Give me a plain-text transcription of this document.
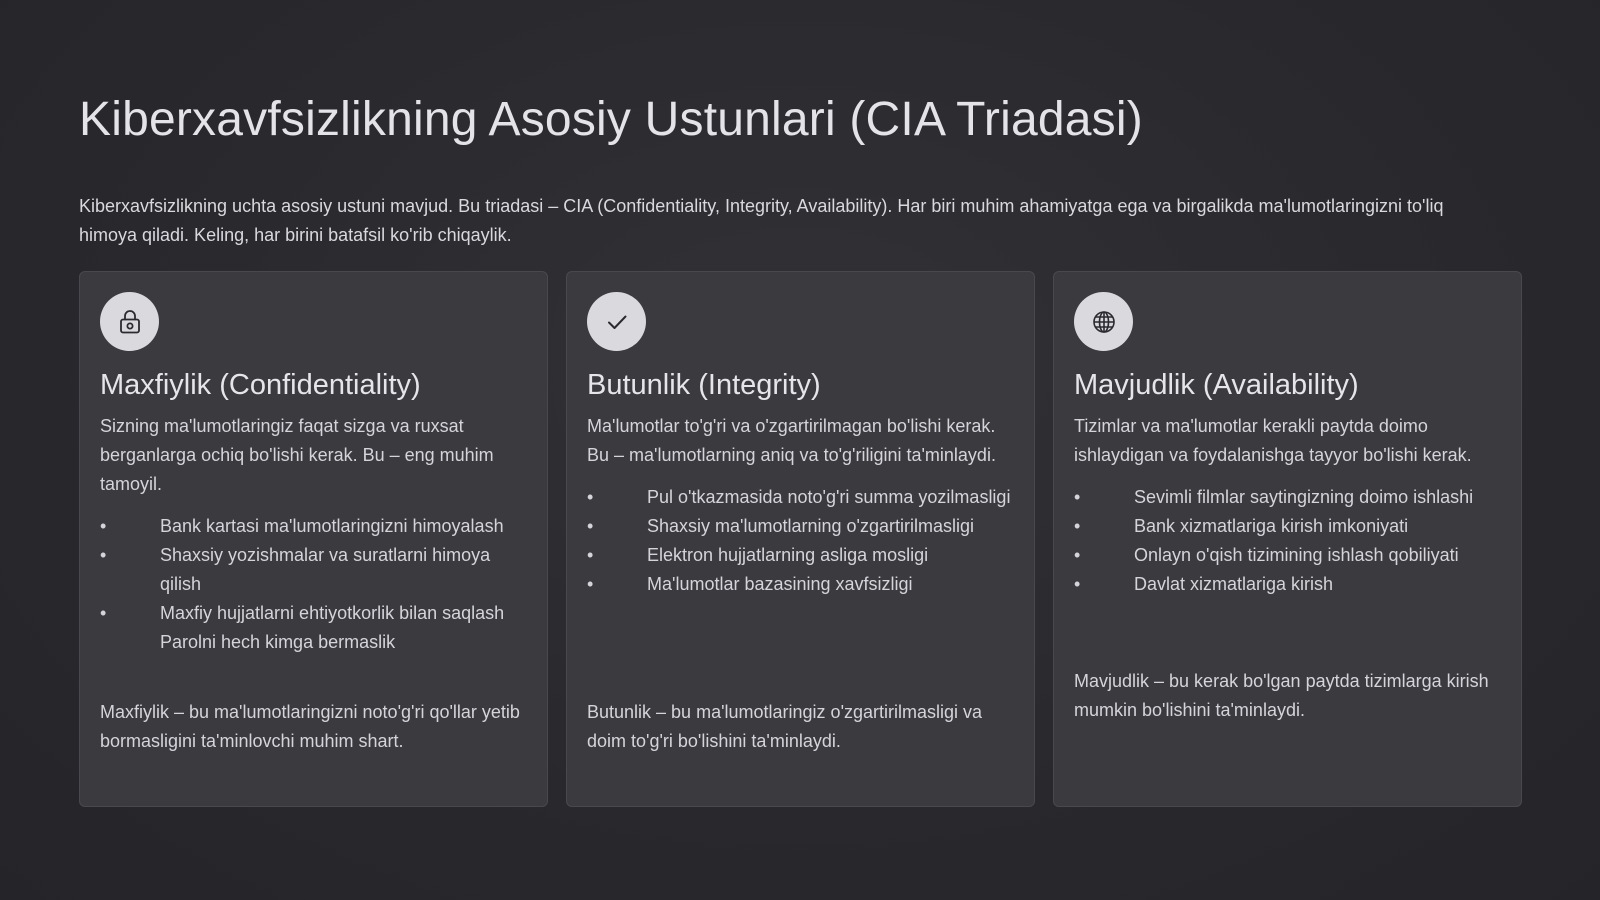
Kiberxavfsizlikning Asosiy Ustunlari (CIA Triadasi)

Kiberxavfsizlikning uchta asosiy ustuni mavjud. Bu triadasi – CIA (Confidentiality, Integrity, Availability). Har biri muhim ahamiyatga ega va birgalikda ma'lumotlaringizni to'liq himoya qiladi. Keling, har birini batafsil ko'rib chiqaylik.

Maxfiylik (Confidentiality)

Sizning ma'lumotlaringiz faqat sizga va ruxsat berganlarga ochiq bo'lishi kerak. Bu – eng muhim tamoyil.

•	Bank kartasi ma'lumotlaringizni himoyalash
•	Shaxsiy yozishmalar va suratlarni himoya qilish
•	Maxfiy hujjatlarni ehtiyotkorlik bilan saqlash
Parolni hech kimga bermaslik

Maxfiylik – bu ma'lumotlaringizni noto'g'ri qo'llar yetib bormasligini ta'minlovchi muhim shart.

Butunlik (Integrity)

Ma'lumotlar to'g'ri va o'zgartirilmagan bo'lishi kerak. Bu – ma'lumotlarning aniq va to'g'riligini ta'minlaydi.

•	Pul o'tkazmasida noto'g'ri summa yozilmasligi
•	Shaxsiy ma'lumotlarning o'zgartirilmasligi
•	Elektron hujjatlarning asliga mosligi
•	Ma'lumotlar bazasining xavfsizligi

Butunlik – bu ma'lumotlaringiz o'zgartirilmasligi va doim to'g'ri bo'lishini ta'minlaydi.

Mavjudlik (Availability)

Tizimlar va ma'lumotlar kerakli paytda doimo ishlaydigan va foydalanishga tayyor bo'lishi kerak.

•	Sevimli filmlar saytingizning doimo ishlashi
•	Bank xizmatlariga kirish imkoniyati
•	Onlayn o'qish tizimining ishlash qobiliyati
•	Davlat xizmatlariga kirish

Mavjudlik – bu kerak bo'lgan paytda tizimlarga kirish mumkin bo'lishini ta'minlaydi.
